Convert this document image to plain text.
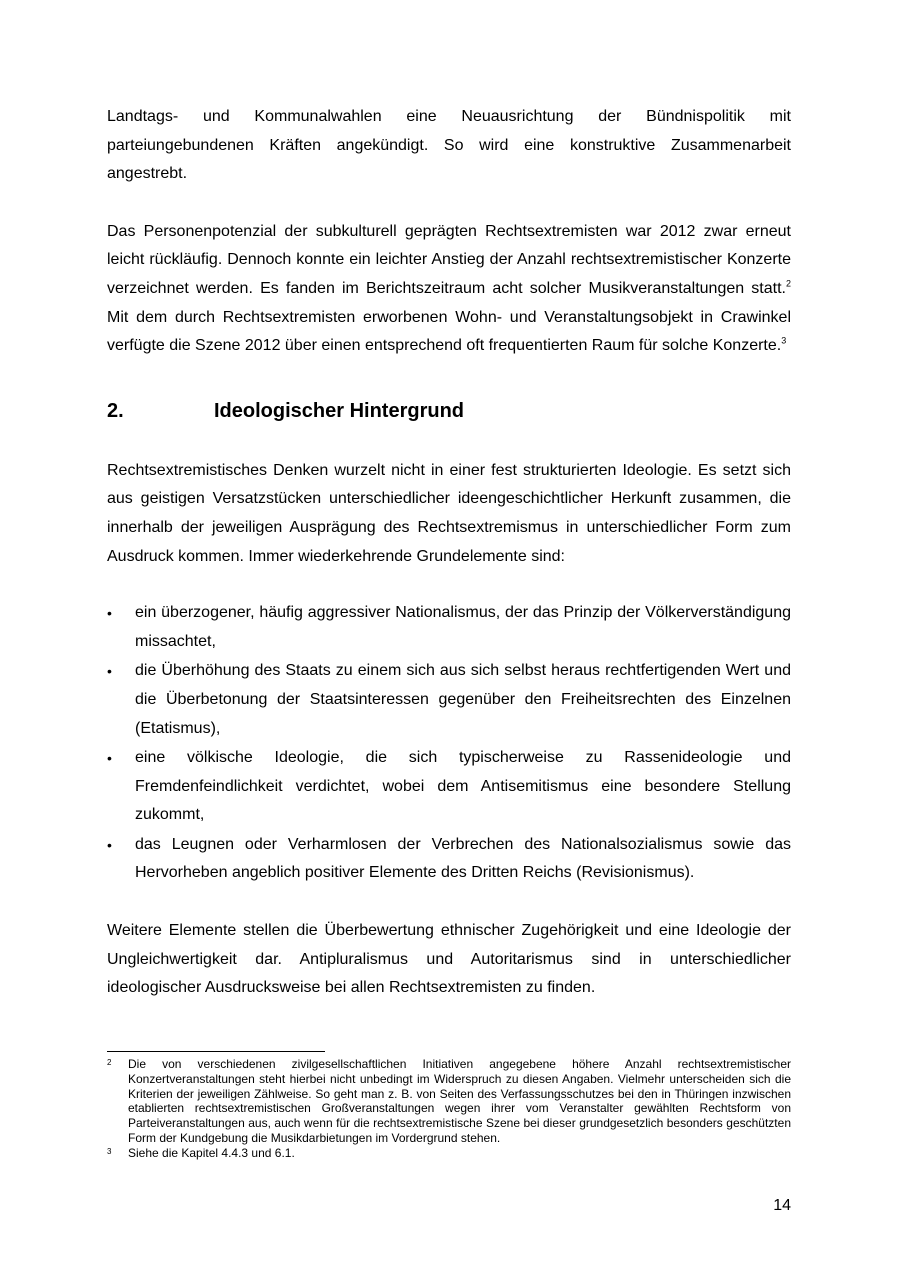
Landtags- und Kommunalwahlen eine Neuausrichtung der Bündnispolitik mit parteiungebundenen Kräften angekündigt. So wird eine konstruktive Zusammenarbeit angestrebt.

Das Personenpotenzial der subkulturell geprägten Rechtsextremisten war 2012 zwar erneut leicht rückläufig. Dennoch konnte ein leichter Anstieg der Anzahl rechtsextremistischer Konzerte verzeichnet werden. Es fanden im Berichtszeitraum acht solcher Musikveranstaltungen statt.$^2$ Mit dem durch Rechtsextremisten erworbenen Wohn- und Veranstaltungsobjekt in Crawinkel verfügte die Szene 2012 über einen entsprechend oft frequentierten Raum für solche Konzerte.$^3$

2.	Ideologischer Hintergrund

Rechtsextremistisches Denken wurzelt nicht in einer fest strukturierten Ideologie. Es setzt sich aus geistigen Versatzstücken unterschiedlicher ideengeschichtlicher Herkunft zusammen, die innerhalb der jeweiligen Ausprägung des Rechtsextremismus in unterschiedlicher Form zum Ausdruck kommen. Immer wiederkehrende Grundelemente sind:

•	ein überzogener, häufig aggressiver Nationalismus, der das Prinzip der Völkerverständigung missachtet,
•	die Überhöhung des Staats zu einem sich aus sich selbst heraus rechtfertigenden Wert und die Überbetonung der Staatsinteressen gegenüber den Freiheitsrechten des Einzelnen (Etatismus),
•	eine völkische Ideologie, die sich typischerweise zu Rassenideologie und Fremdenfeindlichkeit verdichtet, wobei dem Antisemitismus eine besondere Stellung zukommt,
•	das Leugnen oder Verharmlosen der Verbrechen des Nationalsozialismus sowie das Hervorheben angeblich positiver Elemente des Dritten Reichs (Revisionismus).

Weitere Elemente stellen die Überbewertung ethnischer Zugehörigkeit und eine Ideologie der Ungleichwertigkeit dar. Antipluralismus und Autoritarismus sind in unterschiedlicher ideologischer Ausdrucksweise bei allen Rechtsextremisten zu finden.

2	Die von verschiedenen zivilgesellschaftlichen Initiativen angegebene höhere Anzahl rechtsextremistischer Konzertveranstaltungen steht hierbei nicht unbedingt im Widerspruch zu diesen Angaben. Vielmehr unterscheiden sich die Kriterien der jeweiligen Zählweise. So geht man z. B. von Seiten des Verfassungsschutzes bei den in Thüringen inzwischen etablierten rechtsextremistischen Großveranstaltungen wegen ihrer vom Veranstalter gewählten Rechtsform von Parteiveranstaltungen aus, auch wenn für die rechtsextremistische Szene bei dieser grundgesetzlich besonders geschützten Form der Kundgebung die Musikdarbietungen im Vordergrund stehen.
3	Siehe die Kapitel 4.4.3 und 6.1.
14
